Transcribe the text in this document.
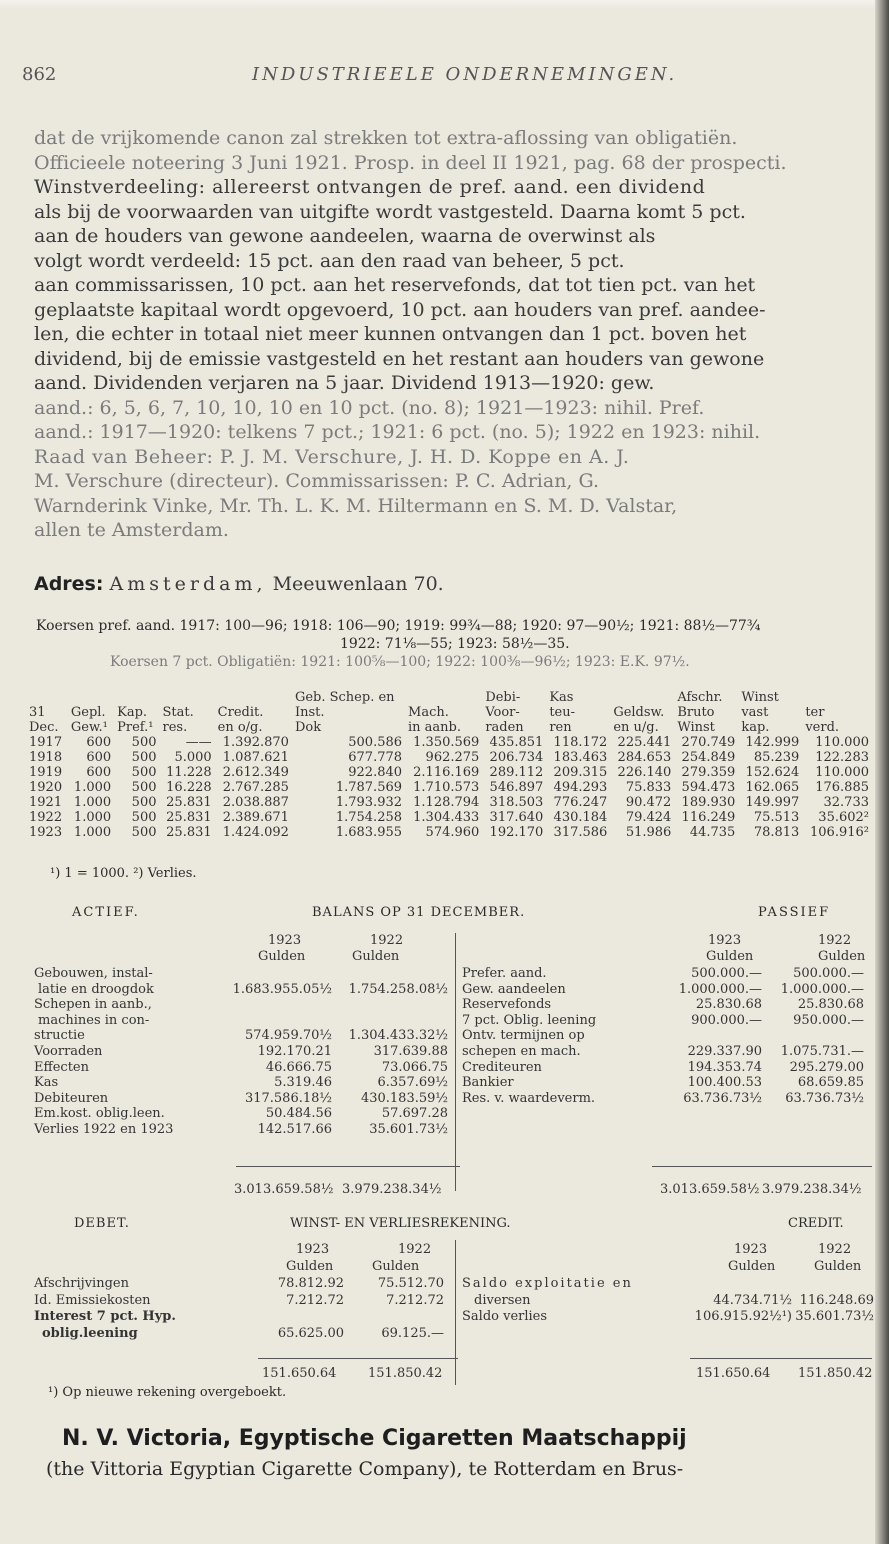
862	INDUSTRIEELE ONDERNEMINGEN.
dat de vrijkomende canon zal strekken tot extra-aflossing van obligatiën.
Officieele noteering 3 Juni 1921. Prosp. in deel II 1921, pag. 68 der prospecti.
Winstverdeeling: allereerst ontvangen de pref. aand. een dividend
als bij de voorwaarden van uitgifte wordt vastgesteld. Daarna komt 5 pct.
aan de houders van gewone aandeelen, waarna de overwinst als
volgt wordt verdeeld: 15 pct. aan den raad van beheer, 5 pct.
aan commissarissen, 10 pct. aan het reservefonds, dat tot tien pct. van het
geplaatste kapitaal wordt opgevoerd, 10 pct. aan houders van pref. aandee-
len, die echter in totaal niet meer kunnen ontvangen dan 1 pct. boven het
dividend, bij de emissie vastgesteld en het restant aan houders van gewone
aand. Dividenden verjaren na 5 jaar. Dividend 1913—1920: gew.
aand.: 6, 5, 6, 7, 10, 10, 10 en 10 pct. (no. 8); 1921—1923: nihil. Pref.
aand.: 1917—1920: telkens 7 pct.; 1921: 6 pct. (no. 5); 1922 en 1923: nihil.
Raad van Beheer: P. J. M. Verschure, J. H. D. Koppe en A. J.
M. Verschure (directeur). Commissarissen: P. C. Adrian, G.
Warnderink Vinke, Mr. Th. L. K. M. Hiltermann en S. M. D. Valstar,
allen te Amsterdam.
Adres: Amsterdam, Meeuwenlaan 70.
Koersen pref. aand. 1917: 100—96; 1918: 106—90; 1919: 99¾—88; 1920: 97—90½; 1921: 88½—77¾
1922: 71⅛—55; 1923: 58½—35.
Koersen 7 pct. Obligatiën: 1921: 100⅝—100; 1922: 100⅜—96½; 1923: E.K. 97½.
					Geb. Schep. en		Debi-	Kas		Afschr.	Winst	
31	Gepl.	Kap.	Stat.	Credit.	Inst.	Mach.	Voor-	teu-	Geldsw.	Bruto	vast	ter
Dec.	Gew.¹	Pref.¹	res.	en o/g.	Dok	in aanb.	raden	ren	en u/g.	Winst	kap.	verd.
1917	600	500	——	1.392.870	500.586	1.350.569	435.851	118.172	225.441	270.749	142.999	110.000
1918	600	500	5.000	1.087.621	677.778	962.275	206.734	183.463	284.653	254.849	85.239	122.283
1919	600	500	11.228	2.612.349	922.840	2.116.169	289.112	209.315	226.140	279.359	152.624	110.000
1920	1.000	500	16.228	2.767.285	1.787.569	1.710.573	546.897	494.293	75.833	594.473	162.065	176.885
1921	1.000	500	25.831	2.038.887	1.793.932	1.128.794	318.503	776.247	90.472	189.930	149.997	32.733
1922	1.000	500	25.831	2.389.671	1.754.258	1.304.433	317.640	430.184	79.424	116.249	75.513	35.602²
1923	1.000	500	25.831	1.424.092	1.683.955	574.960	192.170	317.586	51.986	44.735	78.813	106.916²
¹) 1 = 1000. ²) Verlies.
ACTIEF.	BALANS OP 31 DECEMBER.	PASSIEF
1923	1922
Gulden	Gulden
1923	1922
Gulden	Gulden
Gebouwen, instal-
latie en droogdok	1.683.955.05½ 1.754.258.08½
Schepen in aanb.,
machines in con-
structie	574.959.70½ 1.304.433.32½
Voorraden	192.170.21	317.639.88
Effecten	46.666.75	73.066.75
Kas	5.319.46	6.357.69½
Debiteuren	317.586.18½ 430.183.59½
Em.kost. oblig.leen.	50.484.56	57.697.28
Verlies 1922 en 1923	142.517.66	35.601.73½
Prefer. aand.	500.000.— 500.000.—
Gew. aandeelen	1.000.000.— 1.000.000.—
Reservefonds	25.830.68	25.830.68
7 pct. Oblig. leening	900.000.— 950.000.—
Ontv. termijnen op
schepen en mach.	229.337.90 1.075.731.—
Crediteuren	194.353.74 295.279.00
Bankier	100.400.53	68.659.85
Res. v. waardeverm.	63.736.73½ 63.736.73½
3.013.659.58½ 3.979.238.34½	3.013.659.58½ 3.979.238.34½
DEBET.	WINST- EN VERLIESREKENING.	CREDIT.
1923	1922
Gulden	Gulden
1923	1922
Gulden	Gulden
Afschrijvingen	78.812.92	75.512.70
Id. Emissiekosten	7.212.72	7.212.72
Interest 7 pct. Hyp.
oblig.leening	65.625.00	69.125.—
Saldo exploitatie en
diversen	44.734.71½ 116.248.69
Saldo verlies	106.915.92½¹) 35.601.73½
151.650.64 151.850.42	151.650.64 151.850.42
¹) Op nieuwe rekening overgeboekt.
N. V. Victoria, Egyptische Cigaretten Maatschappij
(the Vittoria Egyptian Cigarette Company), te Rotterdam en Brus-
